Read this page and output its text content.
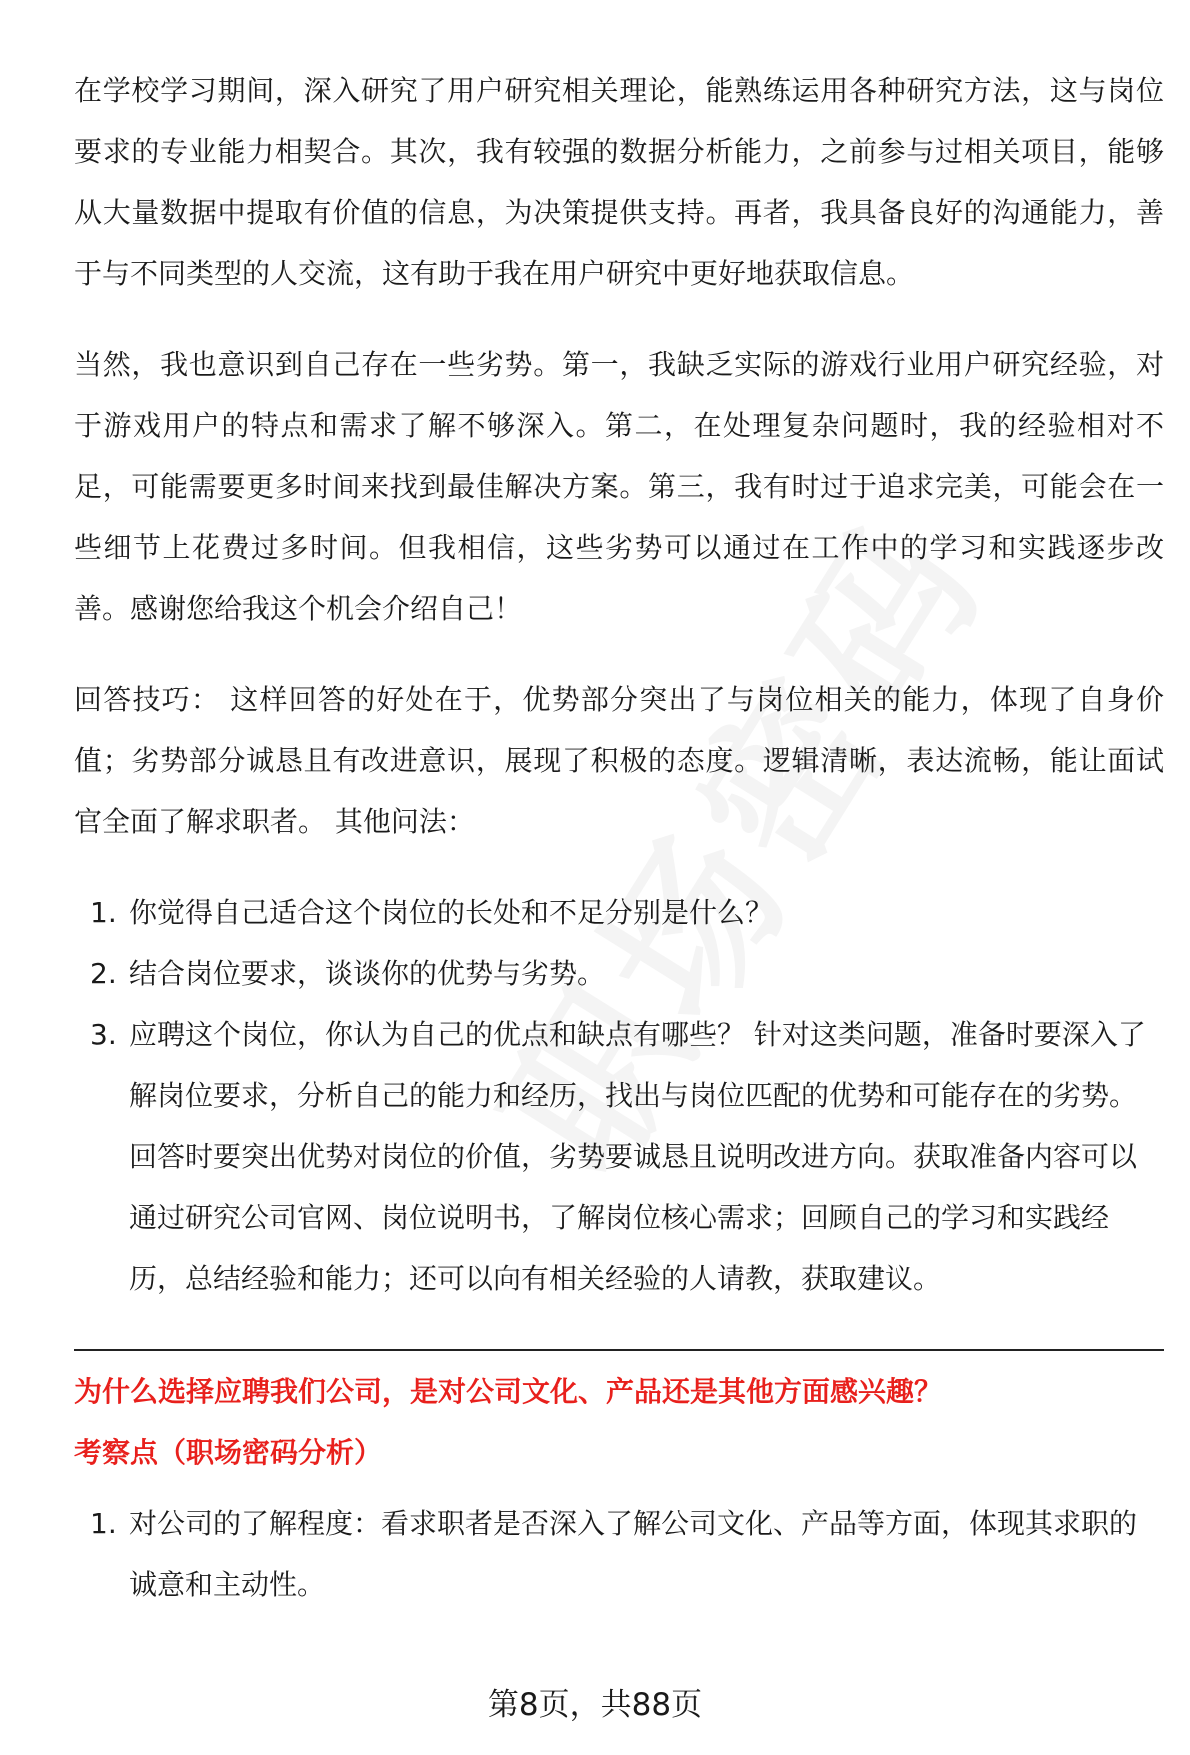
在学校学习期间，深入研究了用户研究相关理论，能熟练运用各种研究方法，这与岗位要求的专业能力相契合。其次，我有较强的数据分析能力，之前参与过相关项目，能够从大量数据中提取有价值的信息，为决策提供支持。再者，我具备良好的沟通能力，善于与不同类型的人交流，这有助于我在用户研究中更好地获取信息。

当然，我也意识到自己存在一些劣势。第一，我缺乏实际的游戏行业用户研究经验，对于游戏用户的特点和需求了解不够深入。第二，在处理复杂问题时，我的经验相对不足，可能需要更多时间来找到最佳解决方案。第三，我有时过于追求完美，可能会在一些细节上花费过多时间。但我相信，这些劣势可以通过在工作中的学习和实践逐步改善。感谢您给我这个机会介绍自己！

回答技巧： 这样回答的好处在于，优势部分突出了与岗位相关的能力，体现了自身价值；劣势部分诚恳且有改进意识，展现了积极的态度。逻辑清晰，表达流畅，能让面试官全面了解求职者。 其他问法：

1. 你觉得自己适合这个岗位的长处和不足分别是什么？
2. 结合岗位要求，谈谈你的优势与劣势。
3. 应聘这个岗位，你认为自己的优点和缺点有哪些？ 针对这类问题，准备时要深入了解岗位要求，分析自己的能力和经历，找出与岗位匹配的优势和可能存在的劣势。回答时要突出优势对岗位的价值，劣势要诚恳且说明改进方向。获取准备内容可以通过研究公司官网、岗位说明书，了解岗位核心需求；回顾自己的学习和实践经历，总结经验和能力；还可以向有相关经验的人请教，获取建议。
为什么选择应聘我们公司，是对公司文化、产品还是其他方面感兴趣？
考察点（职场密码分析）
1. 对公司的了解程度：看求职者是否深入了解公司文化、产品等方面，体现其求职的诚意和主动性。
第8页，共88页
